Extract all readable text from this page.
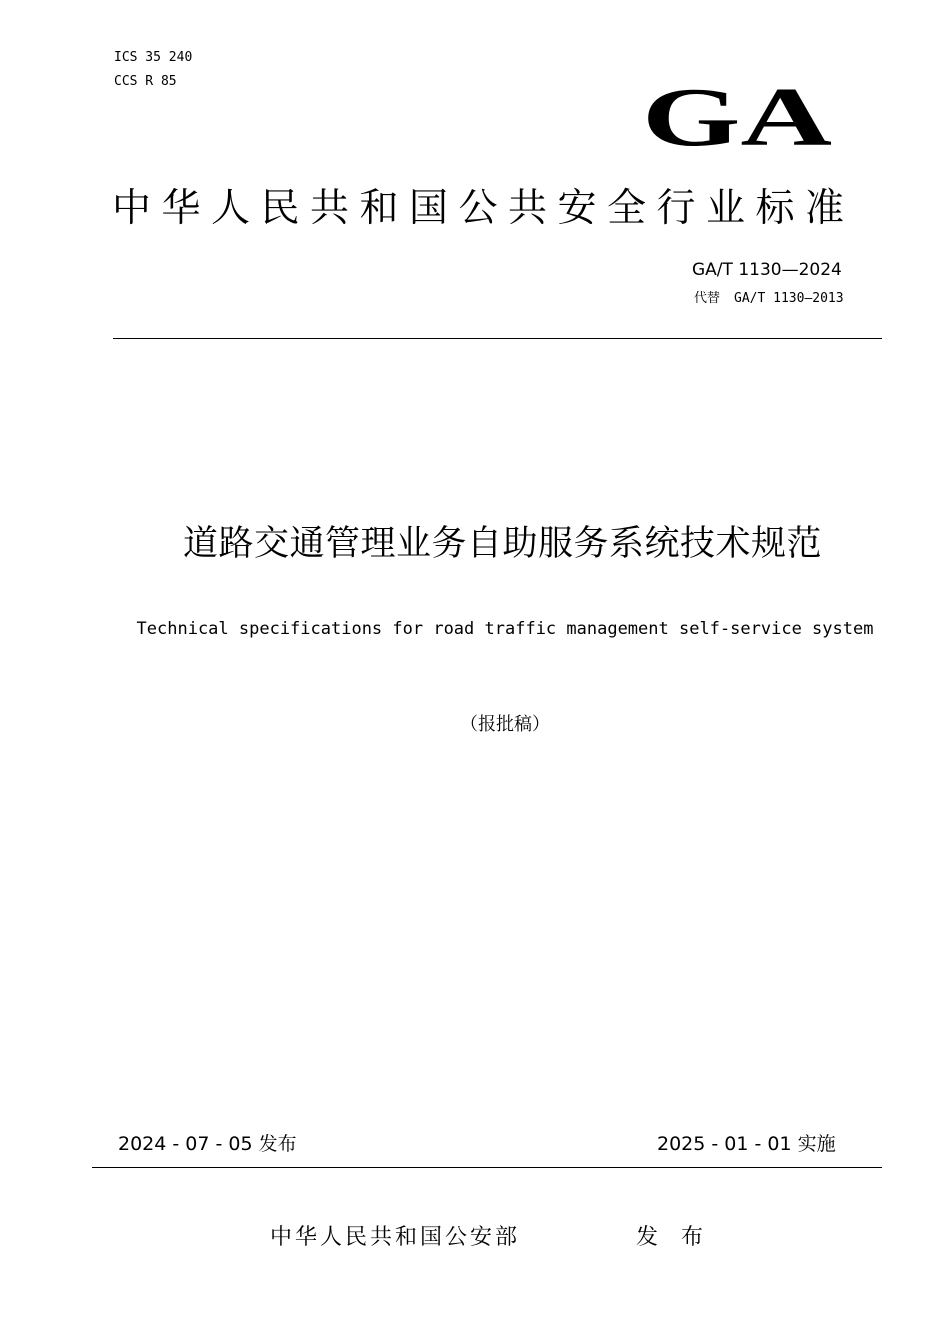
ICS 35 240
CCS R 85	GA
中华人民共和国公共安全行业标准
GA/T 1130—2024
代替 GA/T 1130—2013
道路交通管理业务自助服务系统技术规范
Technical specifications for road traffic management self-service system
（报批稿）
2024 - 07 - 05 发布	2025 - 01 - 01 实施
中华人民共和国公安部	发 布
